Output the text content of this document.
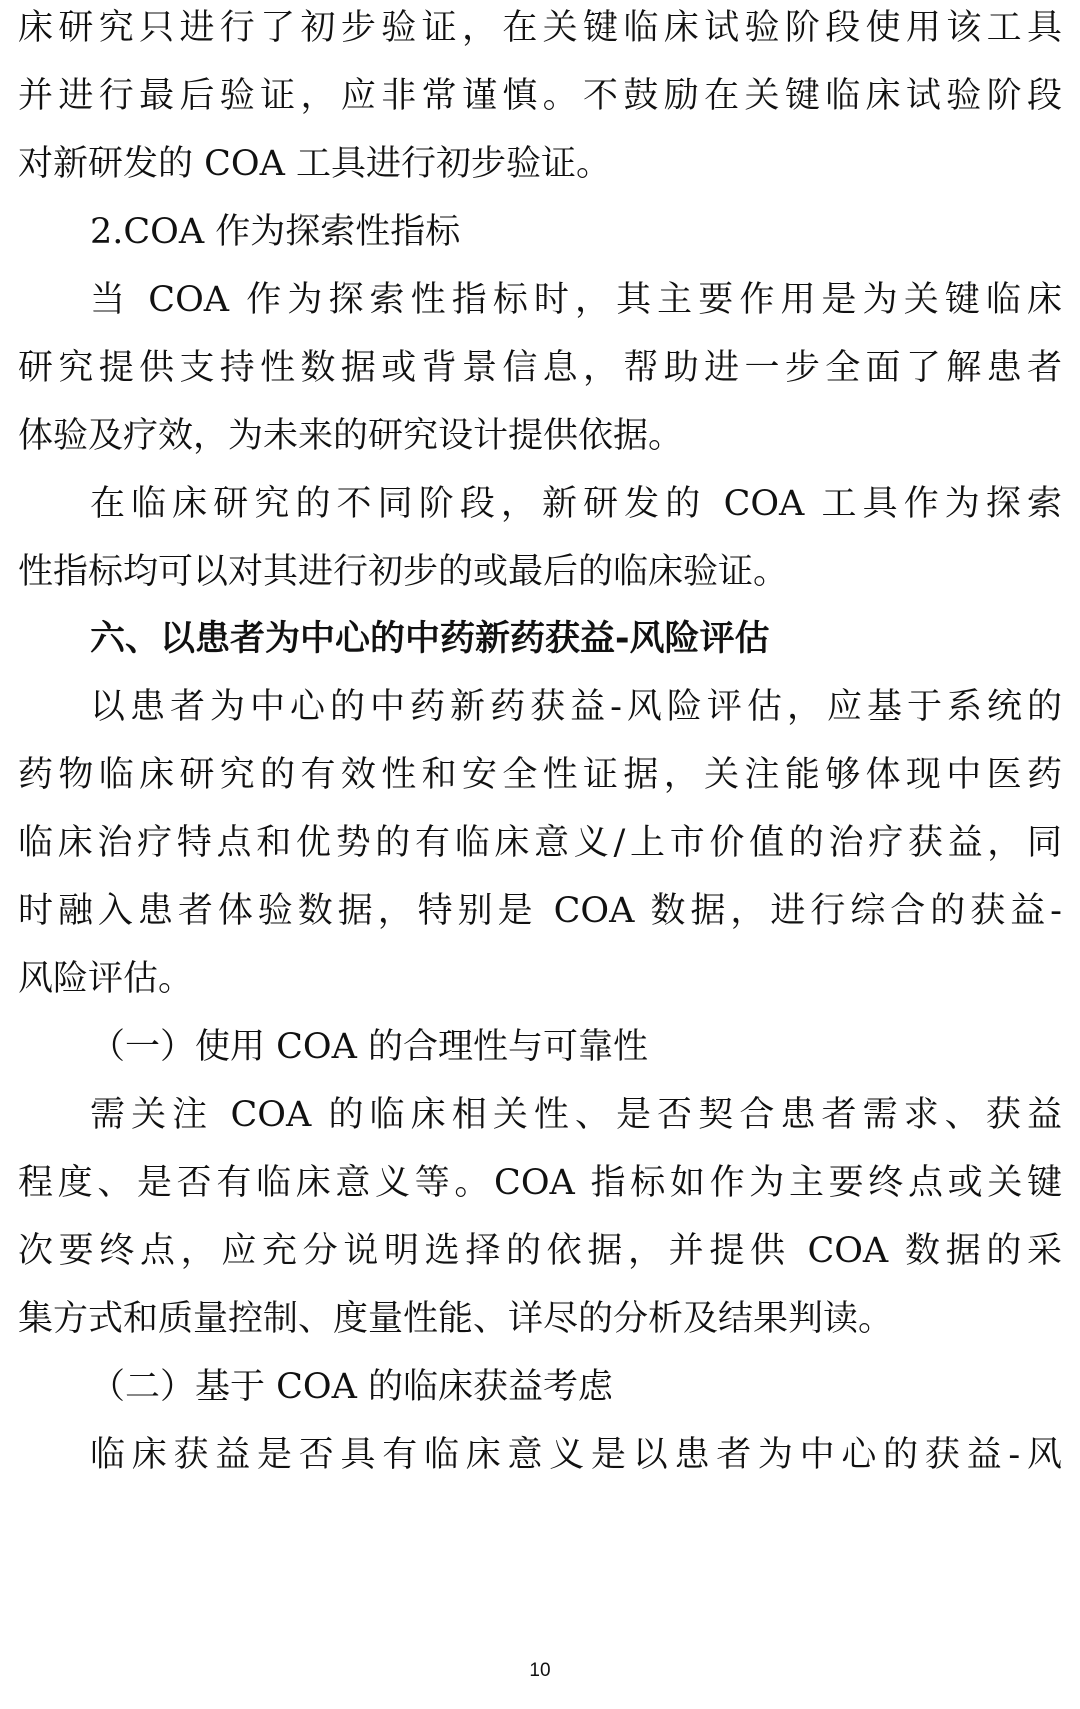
床研究只进行了初步验证，在关键临床试验阶段使用该工具
并进行最后验证，应非常谨慎。不鼓励在关键临床试验阶段
对新研发的 COA 工具进行初步验证。
2.COA 作为探索性指标
当 COA 作为探索性指标时，其主要作用是为关键临床
研究提供支持性数据或背景信息，帮助进一步全面了解患者
体验及疗效，为未来的研究设计提供依据。
在临床研究的不同阶段，新研发的 COA 工具作为探索
性指标均可以对其进行初步的或最后的临床验证。
六、以患者为中心的中药新药获益-风险评估
以患者为中心的中药新药获益-风险评估，应基于系统的
药物临床研究的有效性和安全性证据，关注能够体现中医药
临床治疗特点和优势的有临床意义/上市价值的治疗获益，同
时融入患者体验数据，特别是 COA 数据，进行综合的获益-
风险评估。
（一）使用 COA 的合理性与可靠性
需关注 COA 的临床相关性、是否契合患者需求、获益
程度、是否有临床意义等。COA 指标如作为主要终点或关键
次要终点，应充分说明选择的依据，并提供 COA 数据的采
集方式和质量控制、度量性能、详尽的分析及结果判读。
（二）基于 COA 的临床获益考虑
临床获益是否具有临床意义是以患者为中心的获益-风
10
